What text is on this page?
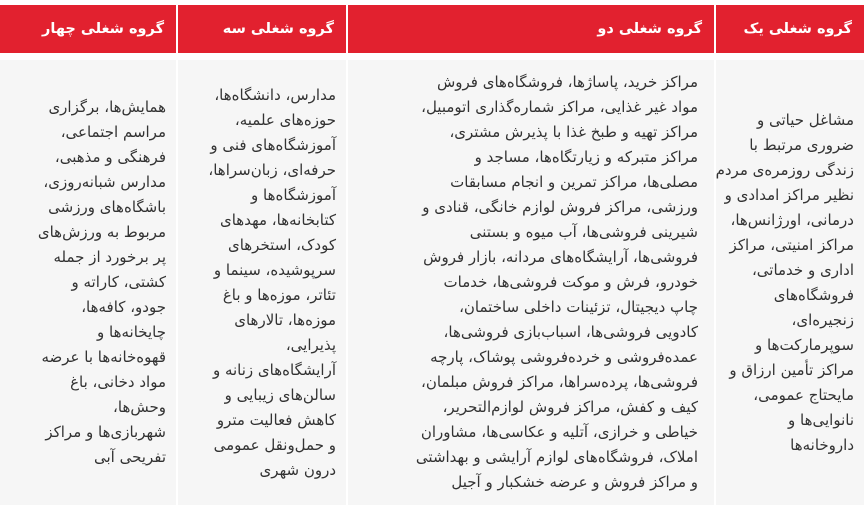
گروه شغلی یک
گروه شغلی دو
گروه شغلی سه
گروه شغلی چهار
مشاغل حیاتی و
ضروری مرتبط با
زندگی روزمره‌ی مردم
نظیر مراکز امدادی و
درمانی، اورژانس‌ها،
مراکز امنیتی، مراکز
اداری و خدماتی،
فروشگاه‌های
زنجیره‌ای،
سوپرمارکت‌ها و
مراکز تأمین ارزاق و
مایحتاج عمومی،
نانوایی‌ها و
داروخانه‌ها
مراکز خرید، پاساژها، فروشگاه‌های فروش
مواد غیر غذایی، مراکز شماره‌گذاری اتومبیل،
مراکز تهیه و طبخ غذا با پذیرش مشتری،
مراکز متبرکه و زیارتگاه‌ها، مساجد و
مصلی‌ها، مراکز تمرین و انجام مسابقات
ورزشی، مراکز فروش لوازم خانگی، قنادی و
شیرینی فروشی‌ها، آب میوه و بستنی
فروشی‌ها، آرایشگاه‌های مردانه، بازار فروش
خودرو، فرش و موکت فروشی‌ها، خدمات
چاپ دیجیتال، تزئینات داخلی ساختمان،
کادویی فروشی‌ها، اسباب‌بازی فروشی‌ها،
عمده‌فروشی و خرده‌فروشی پوشاک، پارچه
فروشی‌ها، پرده‌سراها، مراکز فروش مبلمان،
کیف و کفش، مراکز فروش لوازم‌التحریر،
خیاطی و خرازی، آتلیه و عکاسی‌ها، مشاوران
املاک، فروشگاه‌های لوازم آرایشی و بهداشتی
و مراکز فروش و عرضه خشکبار و آجیل
مدارس، دانشگاه‌ها،
حوزه‌های علمیه،
آموزشگاه‌های فنی و
حرفه‌ای، زبان‌سراها،
آموزشگاه‌ها و
کتابخانه‌ها، مهدهای
کودک، استخرهای
سرپوشیده، سینما و
تئاتر، موزه‌ها و باغ
موزه‌ها، تالارهای
پذیرایی،
آرایشگاه‌های زنانه و
سالن‌های زیبایی و
کاهش فعالیت مترو
و حمل‌ونقل عمومی
درون شهری
همایش‌ها، برگزاری
مراسم اجتماعی،
فرهنگی و مذهبی،
مدارس شبانه‌روزی،
باشگاه‌های ورزشی
مربوط به ورزش‌های
پر برخورد از جمله
کشتی، کاراته و
جودو، کافه‌ها،
چایخانه‌ها و
قهوه‌خانه‌ها با عرضه
مواد دخانی، باغ
وحش‌ها،
شهربازی‌ها و مراکز
تفریحی آبی
